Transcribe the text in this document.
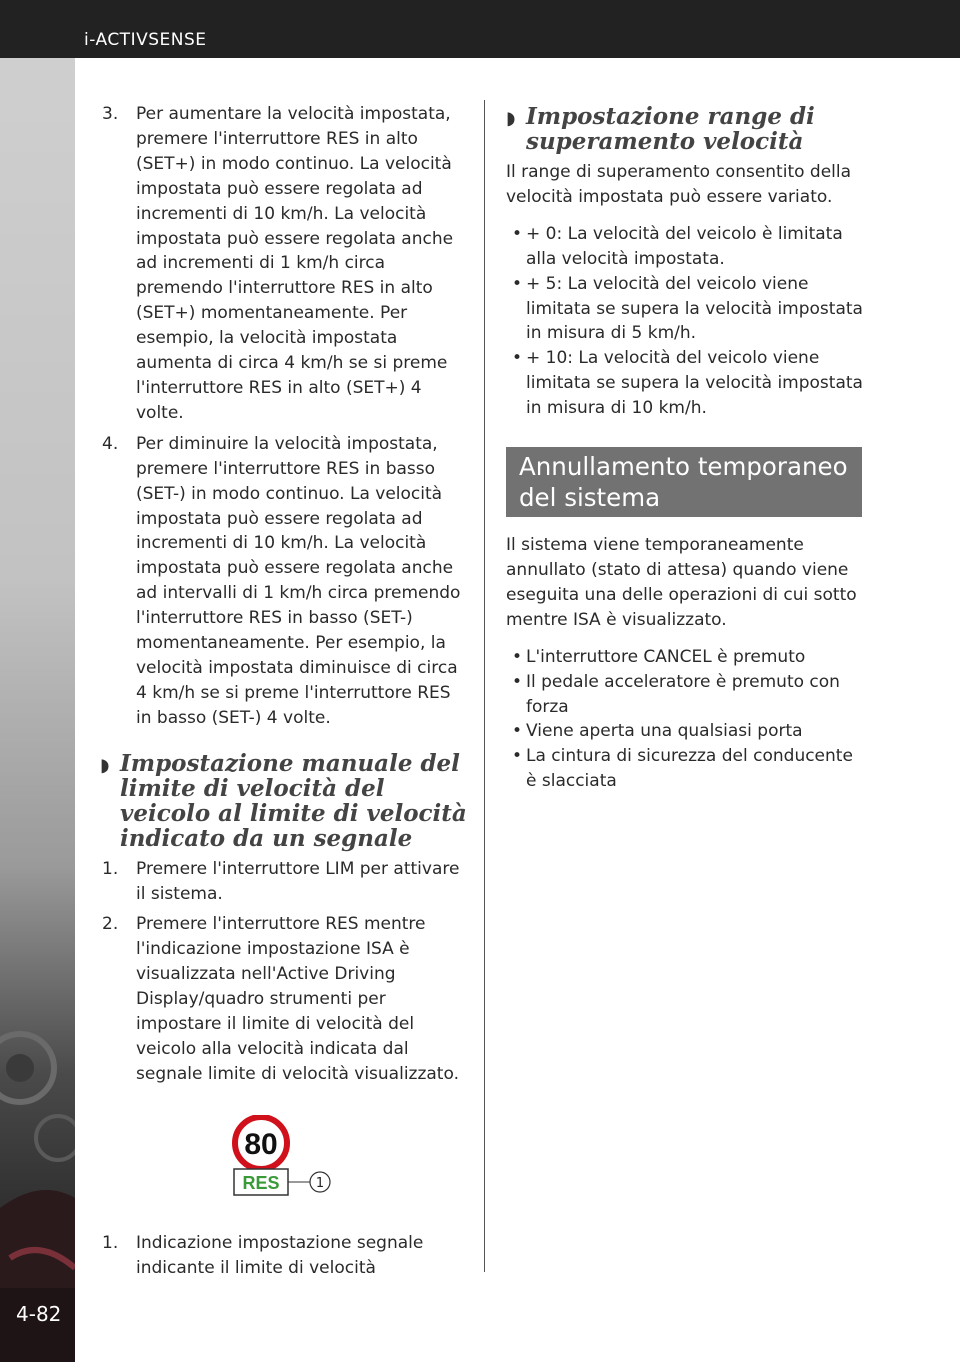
i-ACTIVSENSE
4-82
3. Per aumentare la velocità impostata, premere l'interruttore RES in alto (SET+) in modo continuo. La velocità impostata può essere regolata ad incrementi di 10 km/h. La velocità impostata può essere regolata anche ad incrementi di 1 km/h circa premendo l'interruttore RES in alto (SET+) momentaneamente. Per esempio, la velocità impostata aumenta di circa 4 km/h se si preme l'interruttore RES in alto (SET+) 4 volte.
4. Per diminuire la velocità impostata, premere l'interruttore RES in basso (SET-) in modo continuo. La velocità impostata può essere regolata ad incrementi di 10 km/h. La velocità impostata può essere regolata anche ad intervalli di 1 km/h circa premendo l'interruttore RES in basso (SET-) momentaneamente. Per esempio, la velocità impostata diminuisce di circa 4 km/h se si preme l'interruttore RES in basso (SET-) 4 volte.
◗ Impostazione manuale del limite di velocità del veicolo al limite di velocità indicato da un segnale
1. Premere l'interruttore LIM per attivare il sistema.
2. Premere l'interruttore RES mentre l'indicazione impostazione ISA è visualizzata nell'Active Driving Display/quadro strumenti per impostare il limite di velocità del veicolo alla velocità indicata dal segnale limite di velocità visualizzato.
80
RES	1
1. Indicazione impostazione segnale indicante il limite di velocità
◗ Impostazione range di superamento velocità

Il range di superamento consentito della velocità impostata può essere variato.

• + 0: La velocità del veicolo è limitata alla velocità impostata.
• + 5: La velocità del veicolo viene limitata se supera la velocità impostata in misura di 5 km/h.
• + 10: La velocità del veicolo viene limitata se supera la velocità impostata in misura di 10 km/h.
Annullamento temporaneo del sistema

Il sistema viene temporaneamente annullato (stato di attesa) quando viene eseguita una delle operazioni di cui sotto mentre ISA è visualizzato.

• L'interruttore CANCEL è premuto
• Il pedale acceleratore è premuto con forza
• Viene aperta una qualsiasi porta
• La cintura di sicurezza del conducente è slacciata
